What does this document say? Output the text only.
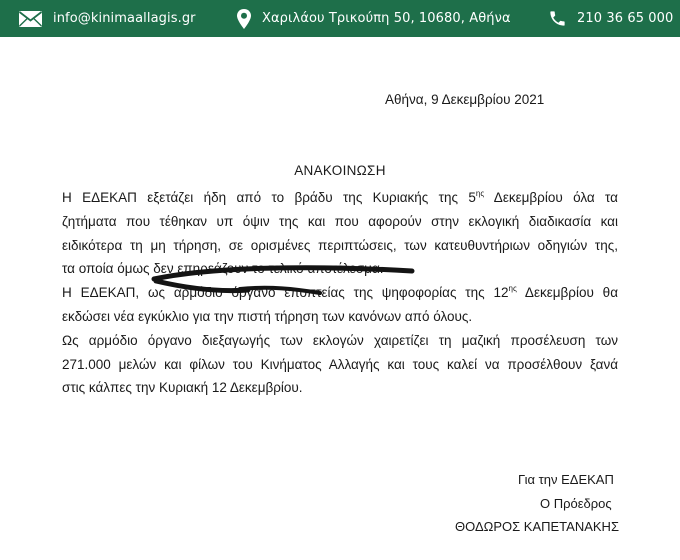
info@kinimaallagis.gr	Χαριλάου Τρικούπη 50, 10680, Αθήνα	210 36 65 000
Αθήνα, 9 Δεκεμβρίου 2021
ΑΝΑΚΟΙΝΩΣΗ
Η ΕΔΕΚΑΠ εξετάζει ήδη από το βράδυ της Κυριακής της $5^{\eta\varsigma}$ Δεκεμβρίου όλα τα
ζητήματα που τέθηκαν υπ όψιν της και που αφορούν στην εκλογική διαδικασία και
ειδικότερα τη μη τήρηση, σε ορισμένες περιπτώσεις, των κατευθυντήριων οδηγιών της,
τα οποία όμως δεν επηρεάζουν το τελικό αποτέλεσμα.
Η ΕΔΕΚΑΠ, ως αρμόδιο όργανο εποπτείας της ψηφοφορίας της $12^{\eta\varsigma}$ Δεκεμβρίου θα
εκδώσει νέα εγκύκλιο για την πιστή τήρηση των κανόνων από όλους.
Ως αρμόδιο όργανο διεξαγωγής των εκλογών χαιρετίζει τη μαζική προσέλευση των
271.000 μελών και φίλων του Κινήματος Αλλαγής και τους καλεί να προσέλθουν ξανά
στις κάλπες την Κυριακή 12 Δεκεμβρίου.
Για την ΕΔΕΚΑΠ
Ο Πρόεδρος
ΘΟΔΩΡΟΣ ΚΑΠΕΤΑΝΑΚΗΣ
